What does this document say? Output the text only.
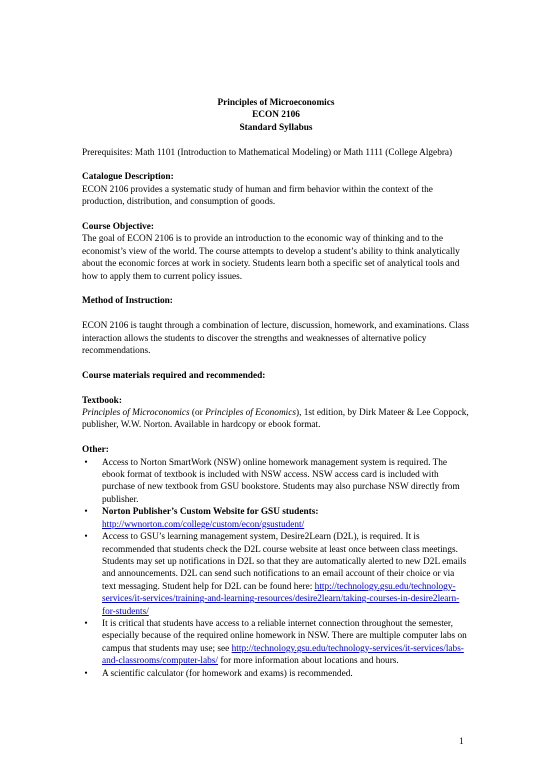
Principles of Microeconomics
ECON 2106
Standard Syllabus

Prerequisites: Math 1101 (Introduction to Mathematical Modeling) or Math 1111 (College Algebra)

Catalogue Description:

ECON 2106 provides a systematic study of human and firm behavior within the context of the production, distribution, and consumption of goods.

Course Objective:

The goal of ECON 2106 is to provide an introduction to the economic way of thinking and to the economist’s view of the world. The course attempts to develop a student’s ability to think analytically about the economic forces at work in society. Students learn both a specific set of analytical tools and how to apply them to current policy issues.

Method of Instruction:

ECON 2106 is taught through a combination of lecture, discussion, homework, and examinations. Class interaction allows the students to discover the strengths and weaknesses of alternative policy recommendations.

Course materials required and recommended:

Textbook:

Principles of Microconomics (or Principles of Economics), 1st edition, by Dirk Mateer & Lee Coppock, publisher, W.W. Norton. Available in hardcopy or ebook format.

Other:

• Access to Norton SmartWork (NSW) online homework management system is required. The ebook format of textbook is included with NSW access. NSW access card is included with purchase of new textbook from GSU bookstore. Students may also purchase NSW directly from publisher.
• Norton Publisher’s Custom Website for GSU students:
http://wwnorton.com/college/custom/econ/gsustudent/
• Access to GSU’s learning management system, Desire2Learn (D2L), is required. It is recommended that students check the D2L course website at least once between class meetings. Students may set up notifications in D2L so that they are automatically alerted to new D2L emails and announcements. D2L can send such notifications to an email account of their choice or via text messaging. Student help for D2L can be found here: http://technology.gsu.edu/technology-services/it-services/training-and-learning-resources/desire2learn/taking-courses-in-desire2learn-for-students/
• It is critical that students have access to a reliable internet connection throughout the semester, especially because of the required online homework in NSW. There are multiple computer labs on campus that students may use; see http://technology.gsu.edu/technology-services/it-services/labs-and-classrooms/computer-labs/ for more information about locations and hours.
• A scientific calculator (for homework and exams) is recommended.
1
